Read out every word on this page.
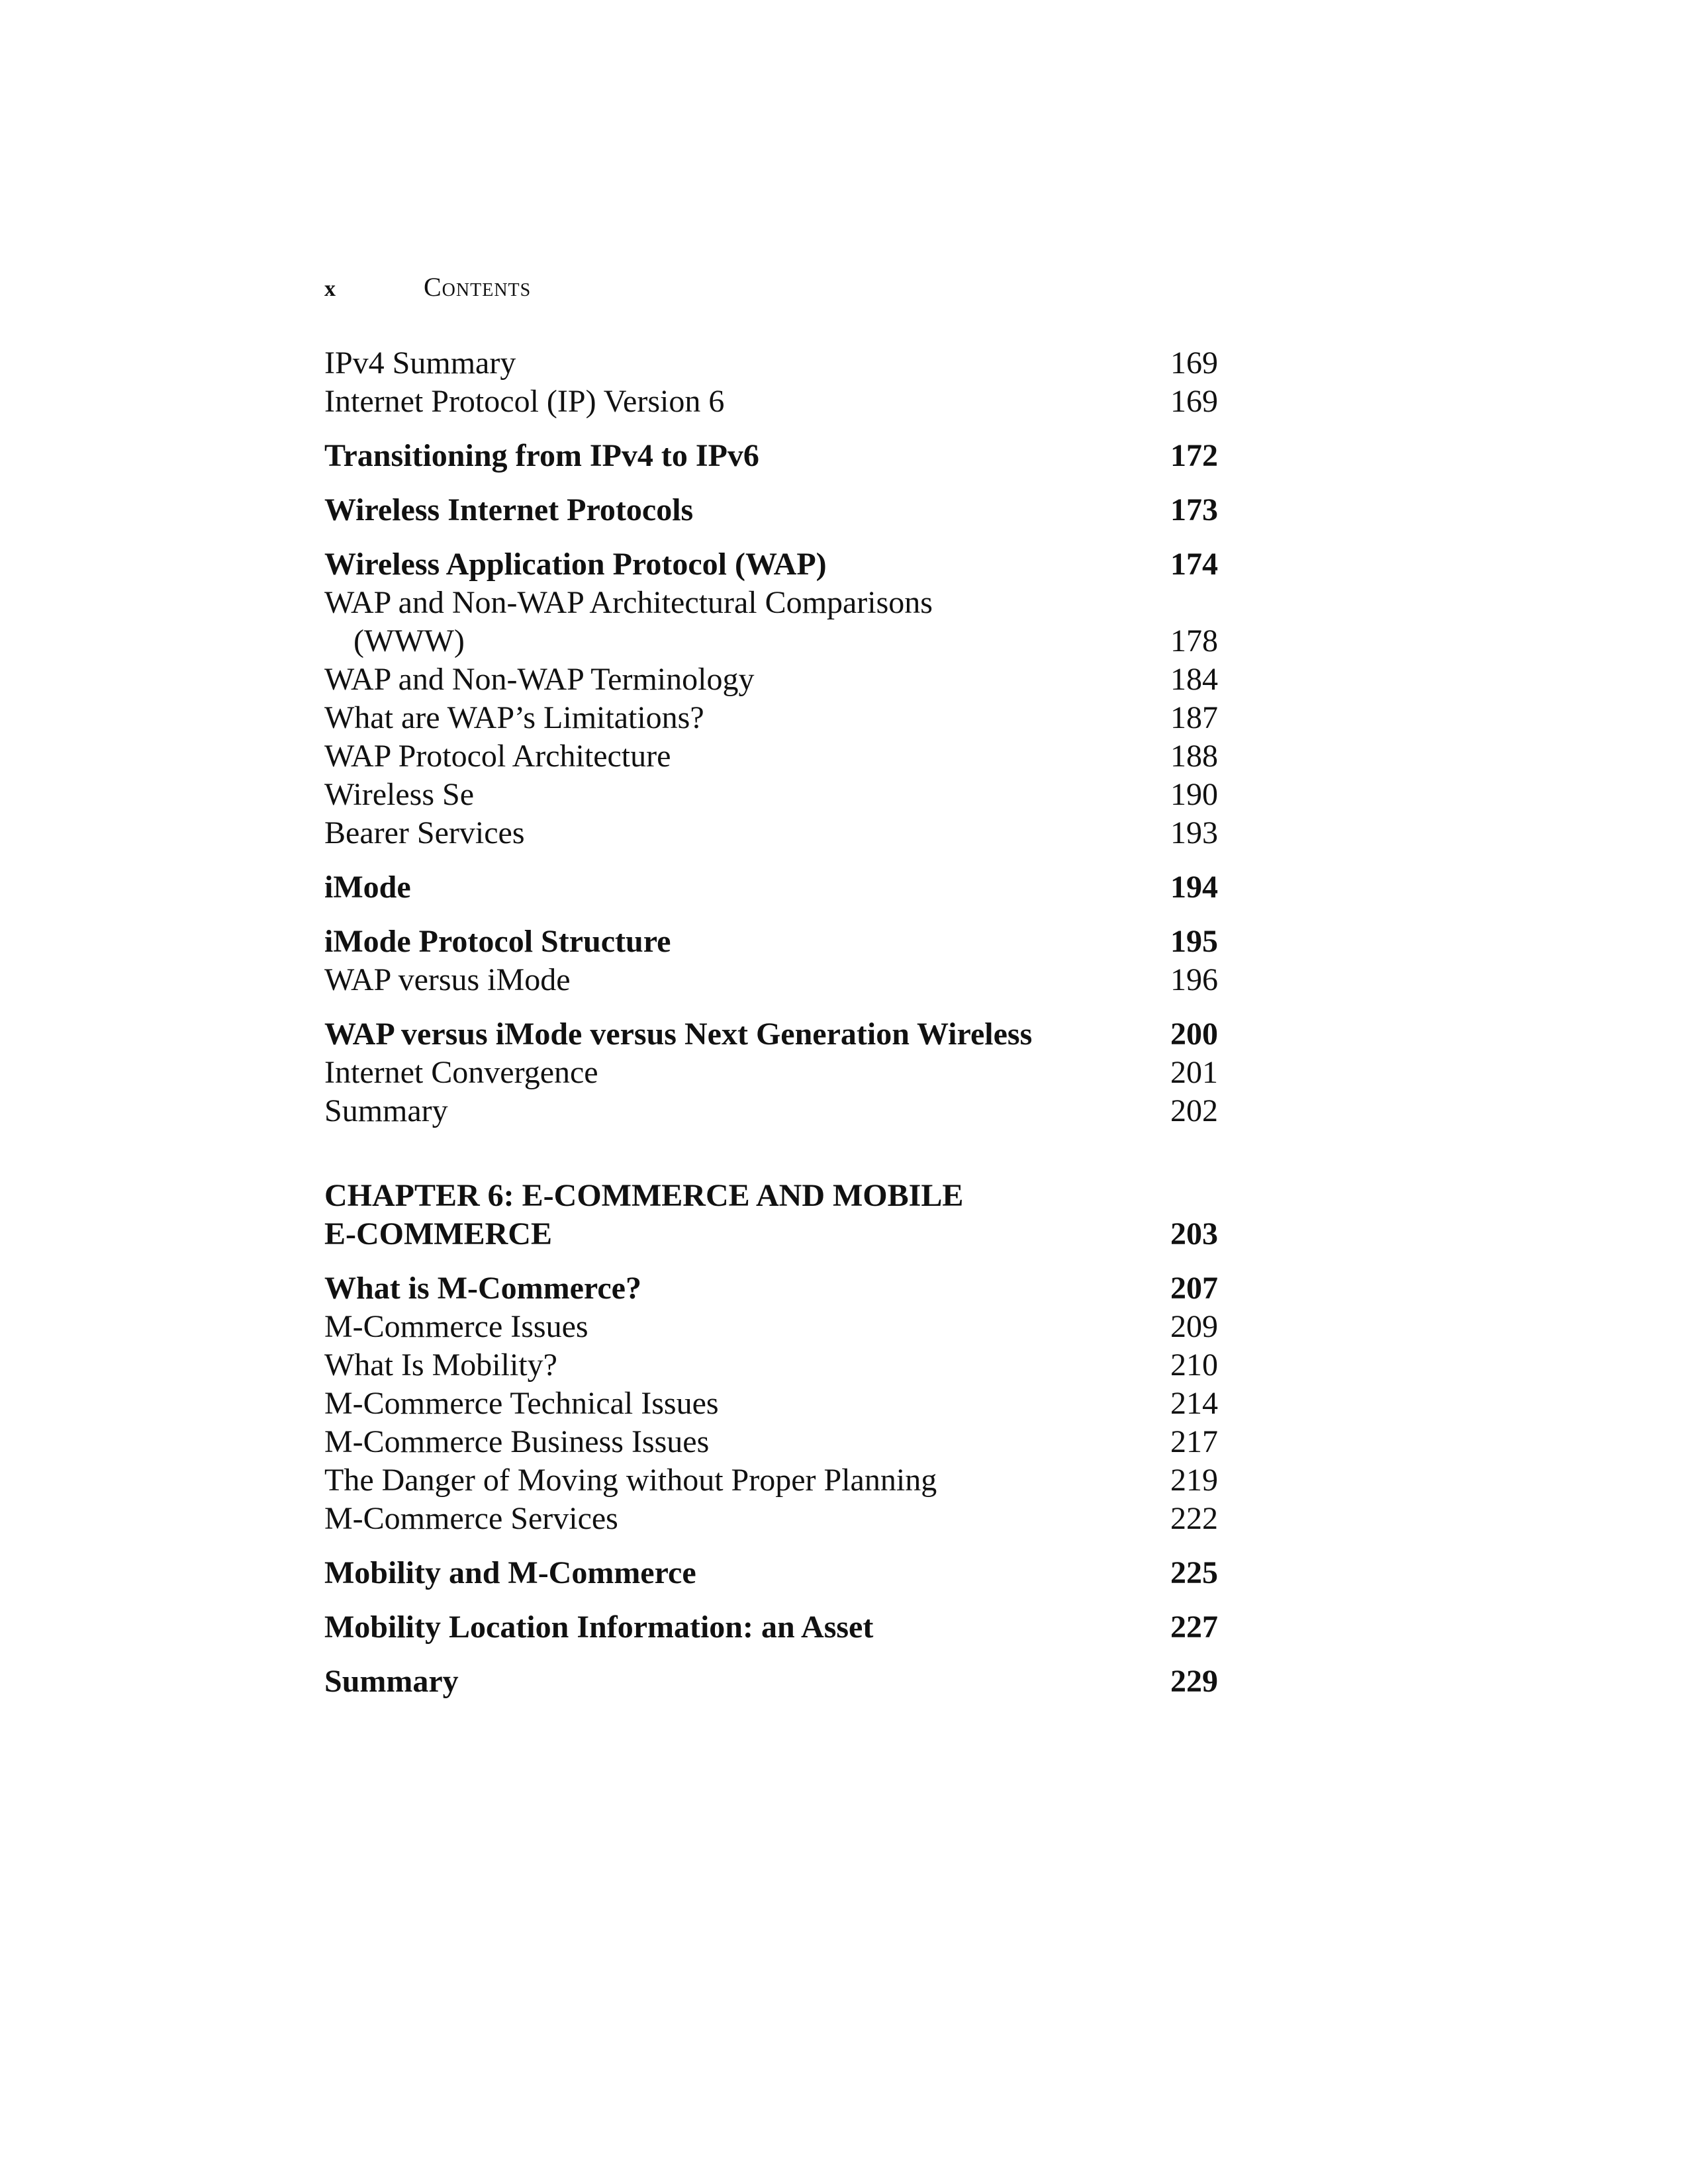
x	Contents
IPv4 Summary	169
Internet Protocol (IP) Version 6	169
Transitioning from IPv4 to IPv6	172
Wireless Internet Protocols	173
Wireless Application Protocol (WAP)	174
WAP and Non-WAP Architectural Comparisons
(WWW)	178
WAP and Non-WAP Terminology	184
What are WAP’s Limitations?	187
WAP Protocol Architecture	188
Wireless Se	190
Bearer Services	193
iMode	194
iMode Protocol Structure	195
WAP versus iMode	196
WAP versus iMode versus Next Generation Wireless	200
Internet Convergence	201
Summary	202
CHAPTER 6: E-COMMERCE AND MOBILE
E-COMMERCE	203
What is M-Commerce?	207
M-Commerce Issues	209
What Is Mobility?	210
M-Commerce Technical Issues	214
M-Commerce Business Issues	217
The Danger of Moving without Proper Planning	219
M-Commerce Services	222
Mobility and M-Commerce	225
Mobility Location Information: an Asset	227
Summary	229
